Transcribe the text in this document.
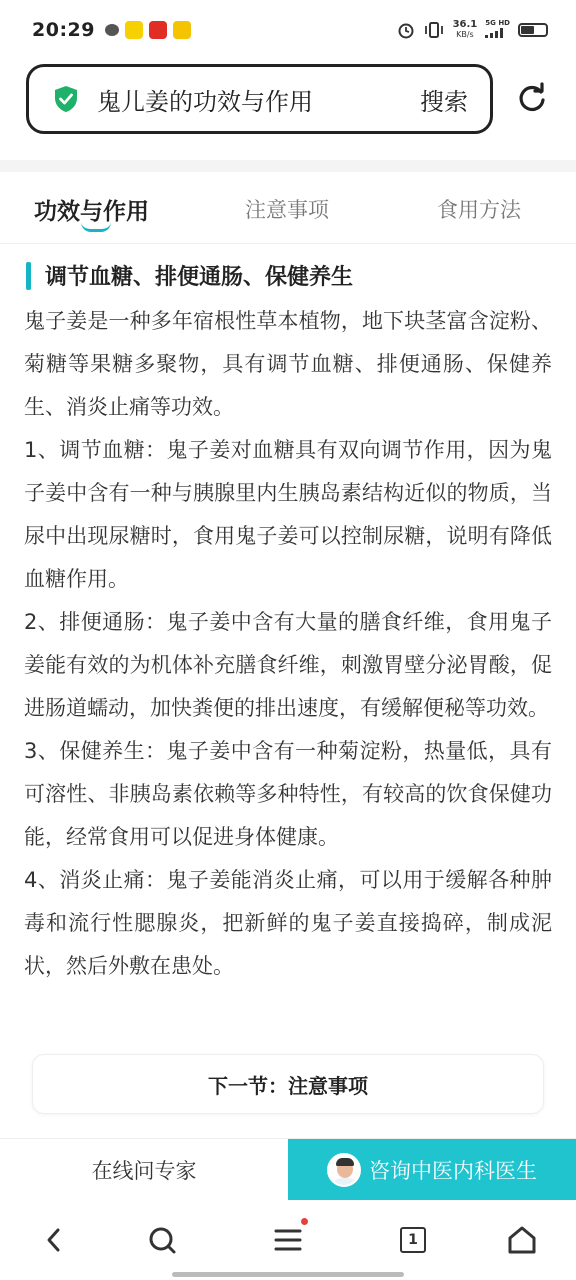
20:29	36.1
KB/s
5G HD
鬼儿姜的功效与作用	搜索
功效与作用	注意事项	食用方法
调节血糖、排便通肠、保健养生

鬼子姜是一种多年宿根性草本植物，地下块茎富含淀粉、菊糖等果糖多聚物，具有调节血糖、排便通肠、保健养生、消炎止痛等功效。

1、调节血糖：鬼子姜对血糖具有双向调节作用，因为鬼子姜中含有一种与胰腺里内生胰岛素结构近似的物质，当尿中出现尿糖时，食用鬼子姜可以控制尿糖，说明有降低血糖作用。

2、排便通肠：鬼子姜中含有大量的膳食纤维，食用鬼子姜能有效的为机体补充膳食纤维，刺激胃壁分泌胃酸，促进肠道蠕动，加快粪便的排出速度，有缓解便秘等功效。

3、保健养生：鬼子姜中含有一种菊淀粉，热量低，具有可溶性、非胰岛素依赖等多种特性，有较高的饮食保健功能，经常食用可以促进身体健康。

4、消炎止痛：鬼子姜能消炎止痛，可以用于缓解各种肿毒和流行性腮腺炎，把新鲜的鬼子姜直接捣碎，制成泥状，然后外敷在患处。

下一节：注意事项
在线问专家	咨询中医内科医生
1
